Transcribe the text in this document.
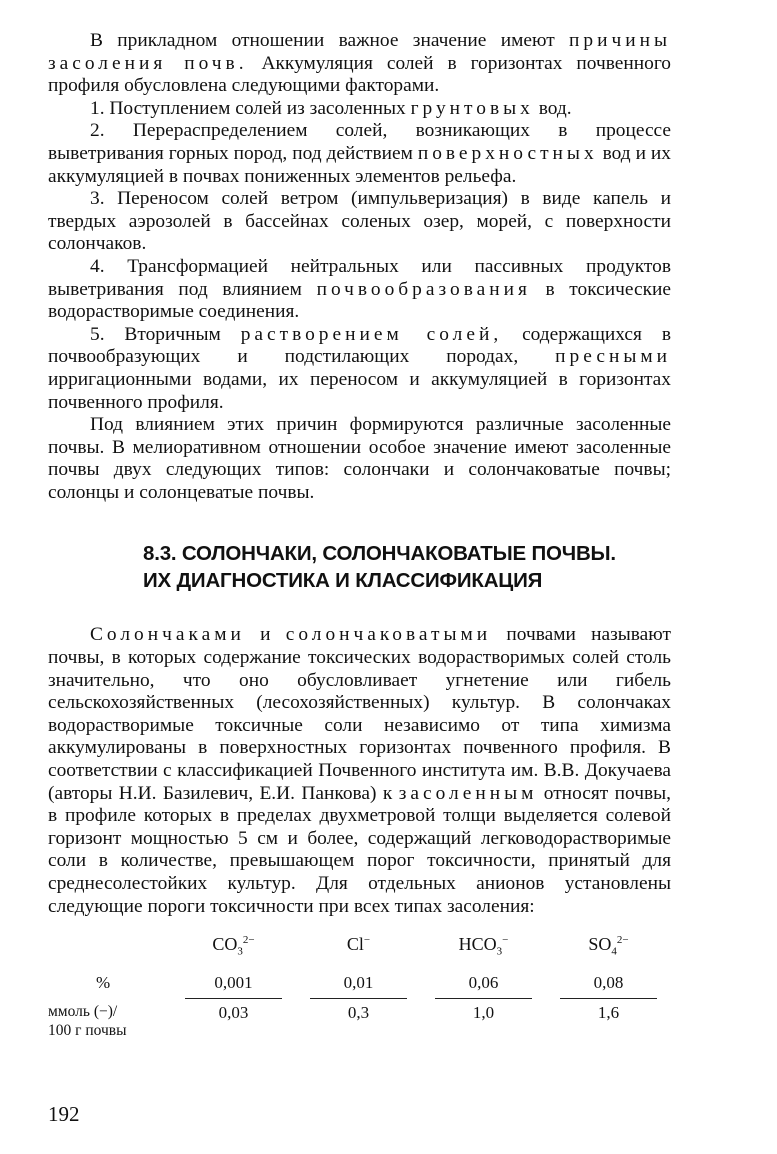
В прикладном отношении важное значение имеют причины засоления почв. Аккумуляция солей в горизонтах почвенного профиля обусловлена следующими факторами.

1. Поступлением солей из засоленных грунтовых вод.

2. Перераспределением солей, возникающих в процессе выветривания горных пород, под действием поверхностных вод и их аккумуляцией в почвах пониженных элементов рельефа.

3. Переносом солей ветром (импульверизация) в виде капель и твердых аэрозолей в бассейнах соленых озер, морей, с поверхности солончаков.

4. Трансформацией нейтральных или пассивных продуктов выветривания под влиянием почвообразования в токсические водорастворимые соединения.

5. Вторичным растворением солей, содержащихся в почвообразующих и подстилающих породах, пресными ирригационными водами, их переносом и аккумуляцией в горизонтах почвенного профиля.

Под влиянием этих причин формируются различные засоленные почвы. В мелиоративном отношении особое значение имеют засоленные почвы двух следующих типов: солончаки и солончаковатые почвы; солонцы и солонцеватые почвы.

8.3. СОЛОНЧАКИ, СОЛОНЧАКОВАТЫЕ ПОЧВЫ.
ИХ ДИАГНОСТИКА И КЛАССИФИКАЦИЯ

Солончаками и солончаковатыми почвами называют почвы, в которых содержание токсических водорастворимых солей столь значительно, что оно обусловливает угнетение или гибель сельскохозяйственных (лесохозяйственных) культур. В солончаках водорастворимые токсичные соли независимо от типа химизма аккумулированы в поверхностных горизонтах почвенного профиля. В соответствии с классификацией Почвенного института им. В.В. Докучаева (авторы Н.И. Базилевич, Е.И. Панкова) к засоленным относят почвы, в профиле которых в пределах двухметровой толщи выделяется солевой горизонт мощностью 5 см и более, содержащий легководорастворимые соли в количестве, превышающем порог токсичности, принятый для среднесолестойких культур. Для отдельных анионов установлены следующие пороги токсичности при всех типах засоления:

	$CO_3^{2-}$	Cl−	$HCO_3^-$	$SO_4^{2-}$
%	0,001	0,01	0,06	0,08

ммоль (−)/
100 г почвы	0,03	0,3	1,0	1,6
192
